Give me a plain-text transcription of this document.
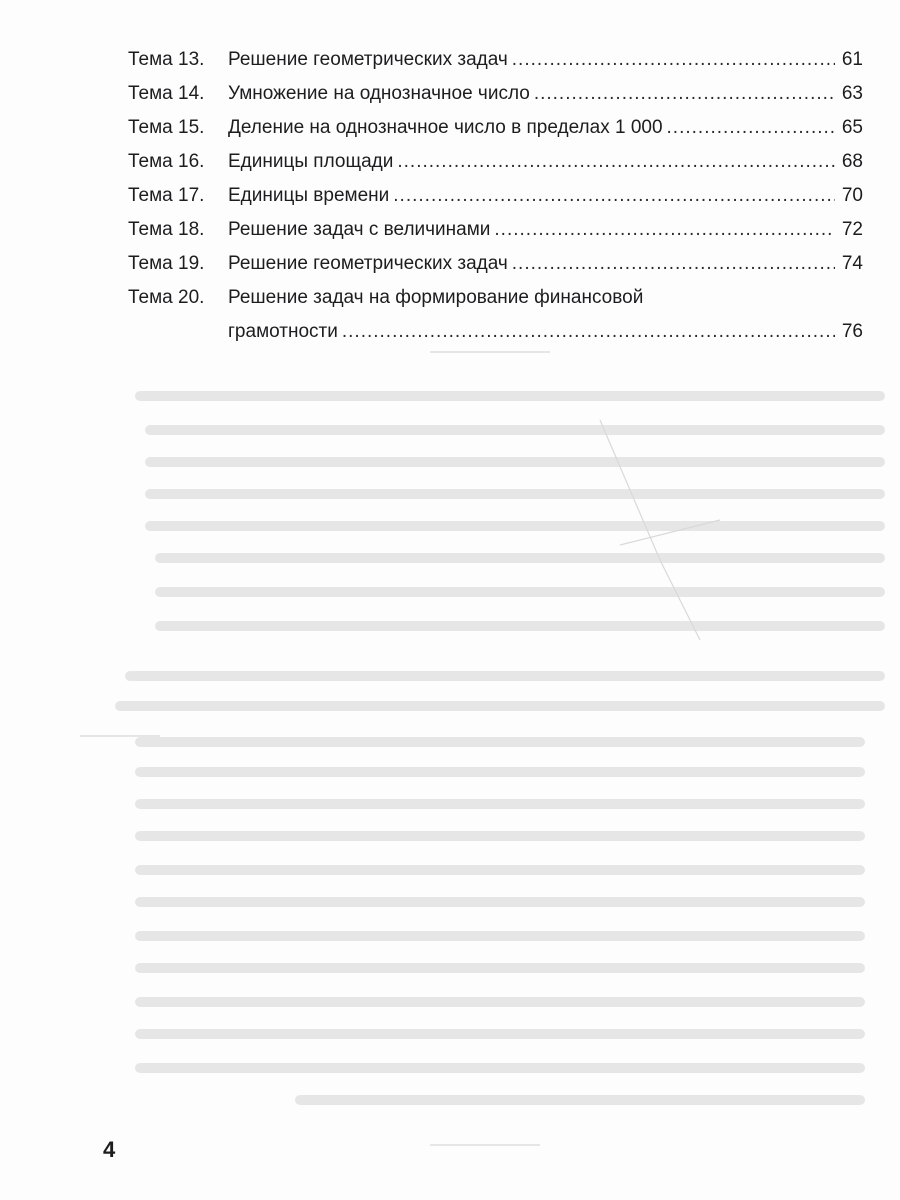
Тема 13.	Решение геометрических задач .....	61
Тема 14.	Умножение на однозначное число .....	63
Тема 15.	Деление на однозначное число в пределах 1 000 .....	65
Тема 16.	Единицы площади .....	68
Тема 17.	Единицы времени .....	70
Тема 18.	Решение задач с величинами .....	72
Тема 19.	Решение геометрических задач .....	74
Тема 20.	Решение задач на формирование финансовой
грамотности .....	76
4
